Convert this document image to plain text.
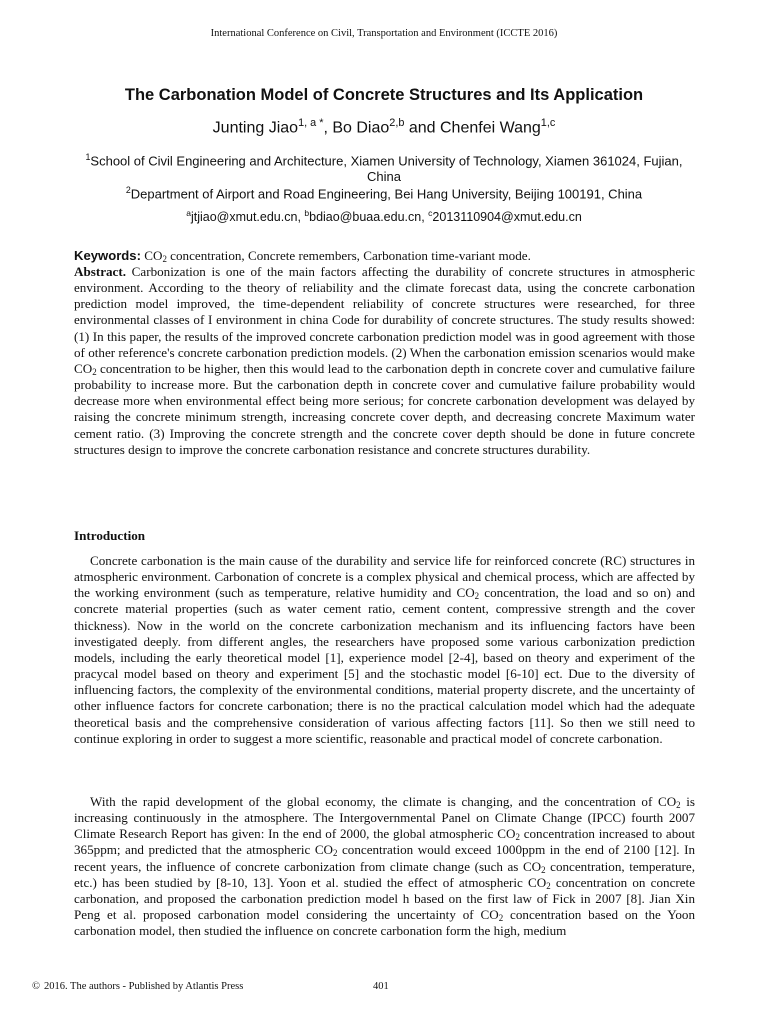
International Conference on Civil, Transportation and Environment (ICCTE 2016)
The Carbonation Model of Concrete Structures and Its Application
Junting Jiao$^{1, a *}$, Bo Diao$^{2,b}$ and Chenfei Wang$^{1,c}$
$^1$School of Civil Engineering and Architecture, Xiamen University of Technology, Xiamen 361024, Fujian, China
$^2$Department of Airport and Road Engineering, Bei Hang University, Beijing 100191, China
$^a$jtjiao@xmut.edu.cn, $^b$bdiao@buaa.edu.cn, $^c$2013110904@xmut.edu.cn
Keywords: $CO_2$ concentration, Concrete remembers, Carbonation time-variant mode.
Abstract. Carbonization is one of the main factors affecting the durability of concrete structures in atmospheric environment. According to the theory of reliability and the climate forecast data, using the concrete carbonation prediction model improved, the time-dependent reliability of concrete structures were researched, for three environmental classes of I environment in china Code for durability of concrete structures. The study results showed: (1) In this paper, the results of the improved concrete carbonation prediction model was in good agreement with those of other reference's concrete carbonation prediction models. (2) When the carbonation emission scenarios would make $CO_2$ concentration to be higher, then this would lead to the carbonation depth in concrete cover and cumulative failure probability to increase more. But the carbonation depth in concrete cover and cumulative failure probability would decrease more when environmental effect being more serious; for concrete carbonation development was delayed by raising the concrete minimum strength, increasing concrete cover depth, and decreasing concrete Maximum water cement ratio. (3) Improving the concrete strength and the concrete cover depth should be done in future concrete structures design to improve the concrete carbonation resistance and concrete structures durability.
Introduction

Concrete carbonation is the main cause of the durability and service life for reinforced concrete (RC) structures in atmospheric environment. Carbonation of concrete is a complex physical and chemical process, which are affected by the working environment (such as temperature, relative humidity and $CO_2$ concentration, the load and so on) and concrete material properties (such as water cement ratio, cement content, compressive strength and the cover thickness). Now in the world on the concrete carbonization mechanism and its influencing factors have been investigated deeply. from different angles, the researchers have proposed some various carbonization prediction models, including the early theoretical model [1], experience model [2-4], based on theory and experiment of the pracycal model based on theory and experiment [5] and the stochastic model [6-10] ect. Due to the diversity of influencing factors, the complexity of the environmental conditions, material property discrete, and the uncertainty of other influence factors for concrete carbonation; there is no the practical calculation model which had the adequate theoretical basis and the comprehensive consideration of various affecting factors [11]. So then we still need to continue exploring in order to suggest a more scientific, reasonable and practical model of concrete carbonation.

With the rapid development of the global economy, the climate is changing, and the concentration of $CO_2$ is increasing continuously in the atmosphere. The Intergovernmental Panel on Climate Change (IPCC) fourth 2007 Climate Research Report has given: In the end of 2000, the global atmospheric $CO_2$ concentration increased to about 365ppm; and predicted that the atmospheric $CO_2$ concentration would exceed 1000ppm in the end of 2100 [12]. In recent years, the influence of concrete carbonization from climate change (such as $CO_2$ concentration, temperature, etc.) has been studied by [8-10, 13]. Yoon et al. studied the effect of atmospheric $CO_2$ concentration on concrete carbonation, and proposed the carbonation prediction model h based on the first law of Fick in 2007 [8]. Jian Xin Peng et al. proposed carbonation model considering the uncertainty of $CO_2$ concentration based on the Yoon carbonation model, then studied the influence on concrete carbonation form the high, medium

© 2016. The authors - Published by Atlantis Press	401
